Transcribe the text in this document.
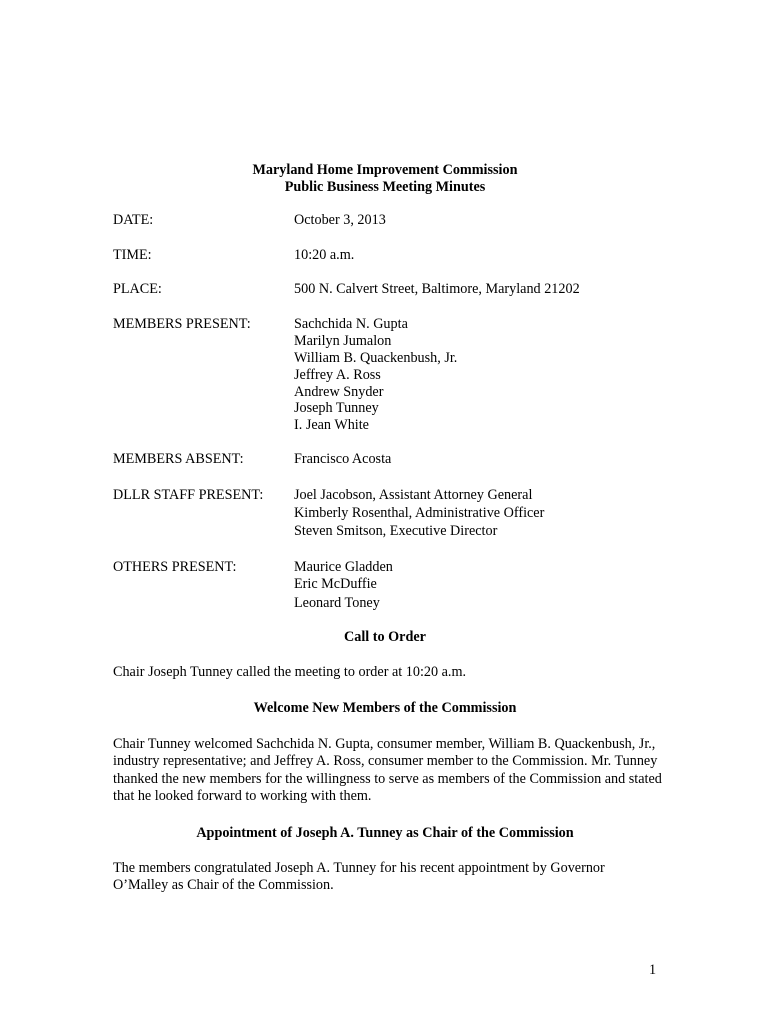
Maryland Home Improvement Commission
Public Business Meeting Minutes
DATE:	October 3, 2013
TIME:	10:20 a.m.
PLACE:	500 N. Calvert Street, Baltimore, Maryland 21202
MEMBERS PRESENT:	Sachchida N. Gupta
Marilyn Jumalon
William B. Quackenbush, Jr.
Jeffrey A. Ross
Andrew Snyder
Joseph Tunney
I. Jean White
MEMBERS ABSENT:	Francisco Acosta
DLLR STAFF PRESENT: Joel Jacobson, Assistant Attorney General
Kimberly Rosenthal, Administrative Officer
Steven Smitson, Executive Director
OTHERS PRESENT:	Maurice Gladden
Eric McDuffie
Leonard Toney
Call to Order
Chair Joseph Tunney called the meeting to order at 10:20 a.m.
Welcome New Members of the Commission
Chair Tunney welcomed Sachchida N. Gupta, consumer member, William B. Quackenbush, Jr., industry representative; and Jeffrey A. Ross, consumer member to the Commission. Mr. Tunney thanked the new members for the willingness to serve as members of the Commission and stated that he looked forward to working with them.
Appointment of Joseph A. Tunney as Chair of the Commission
The members congratulated Joseph A. Tunney for his recent appointment by Governor O’Malley as Chair of the Commission.
1
